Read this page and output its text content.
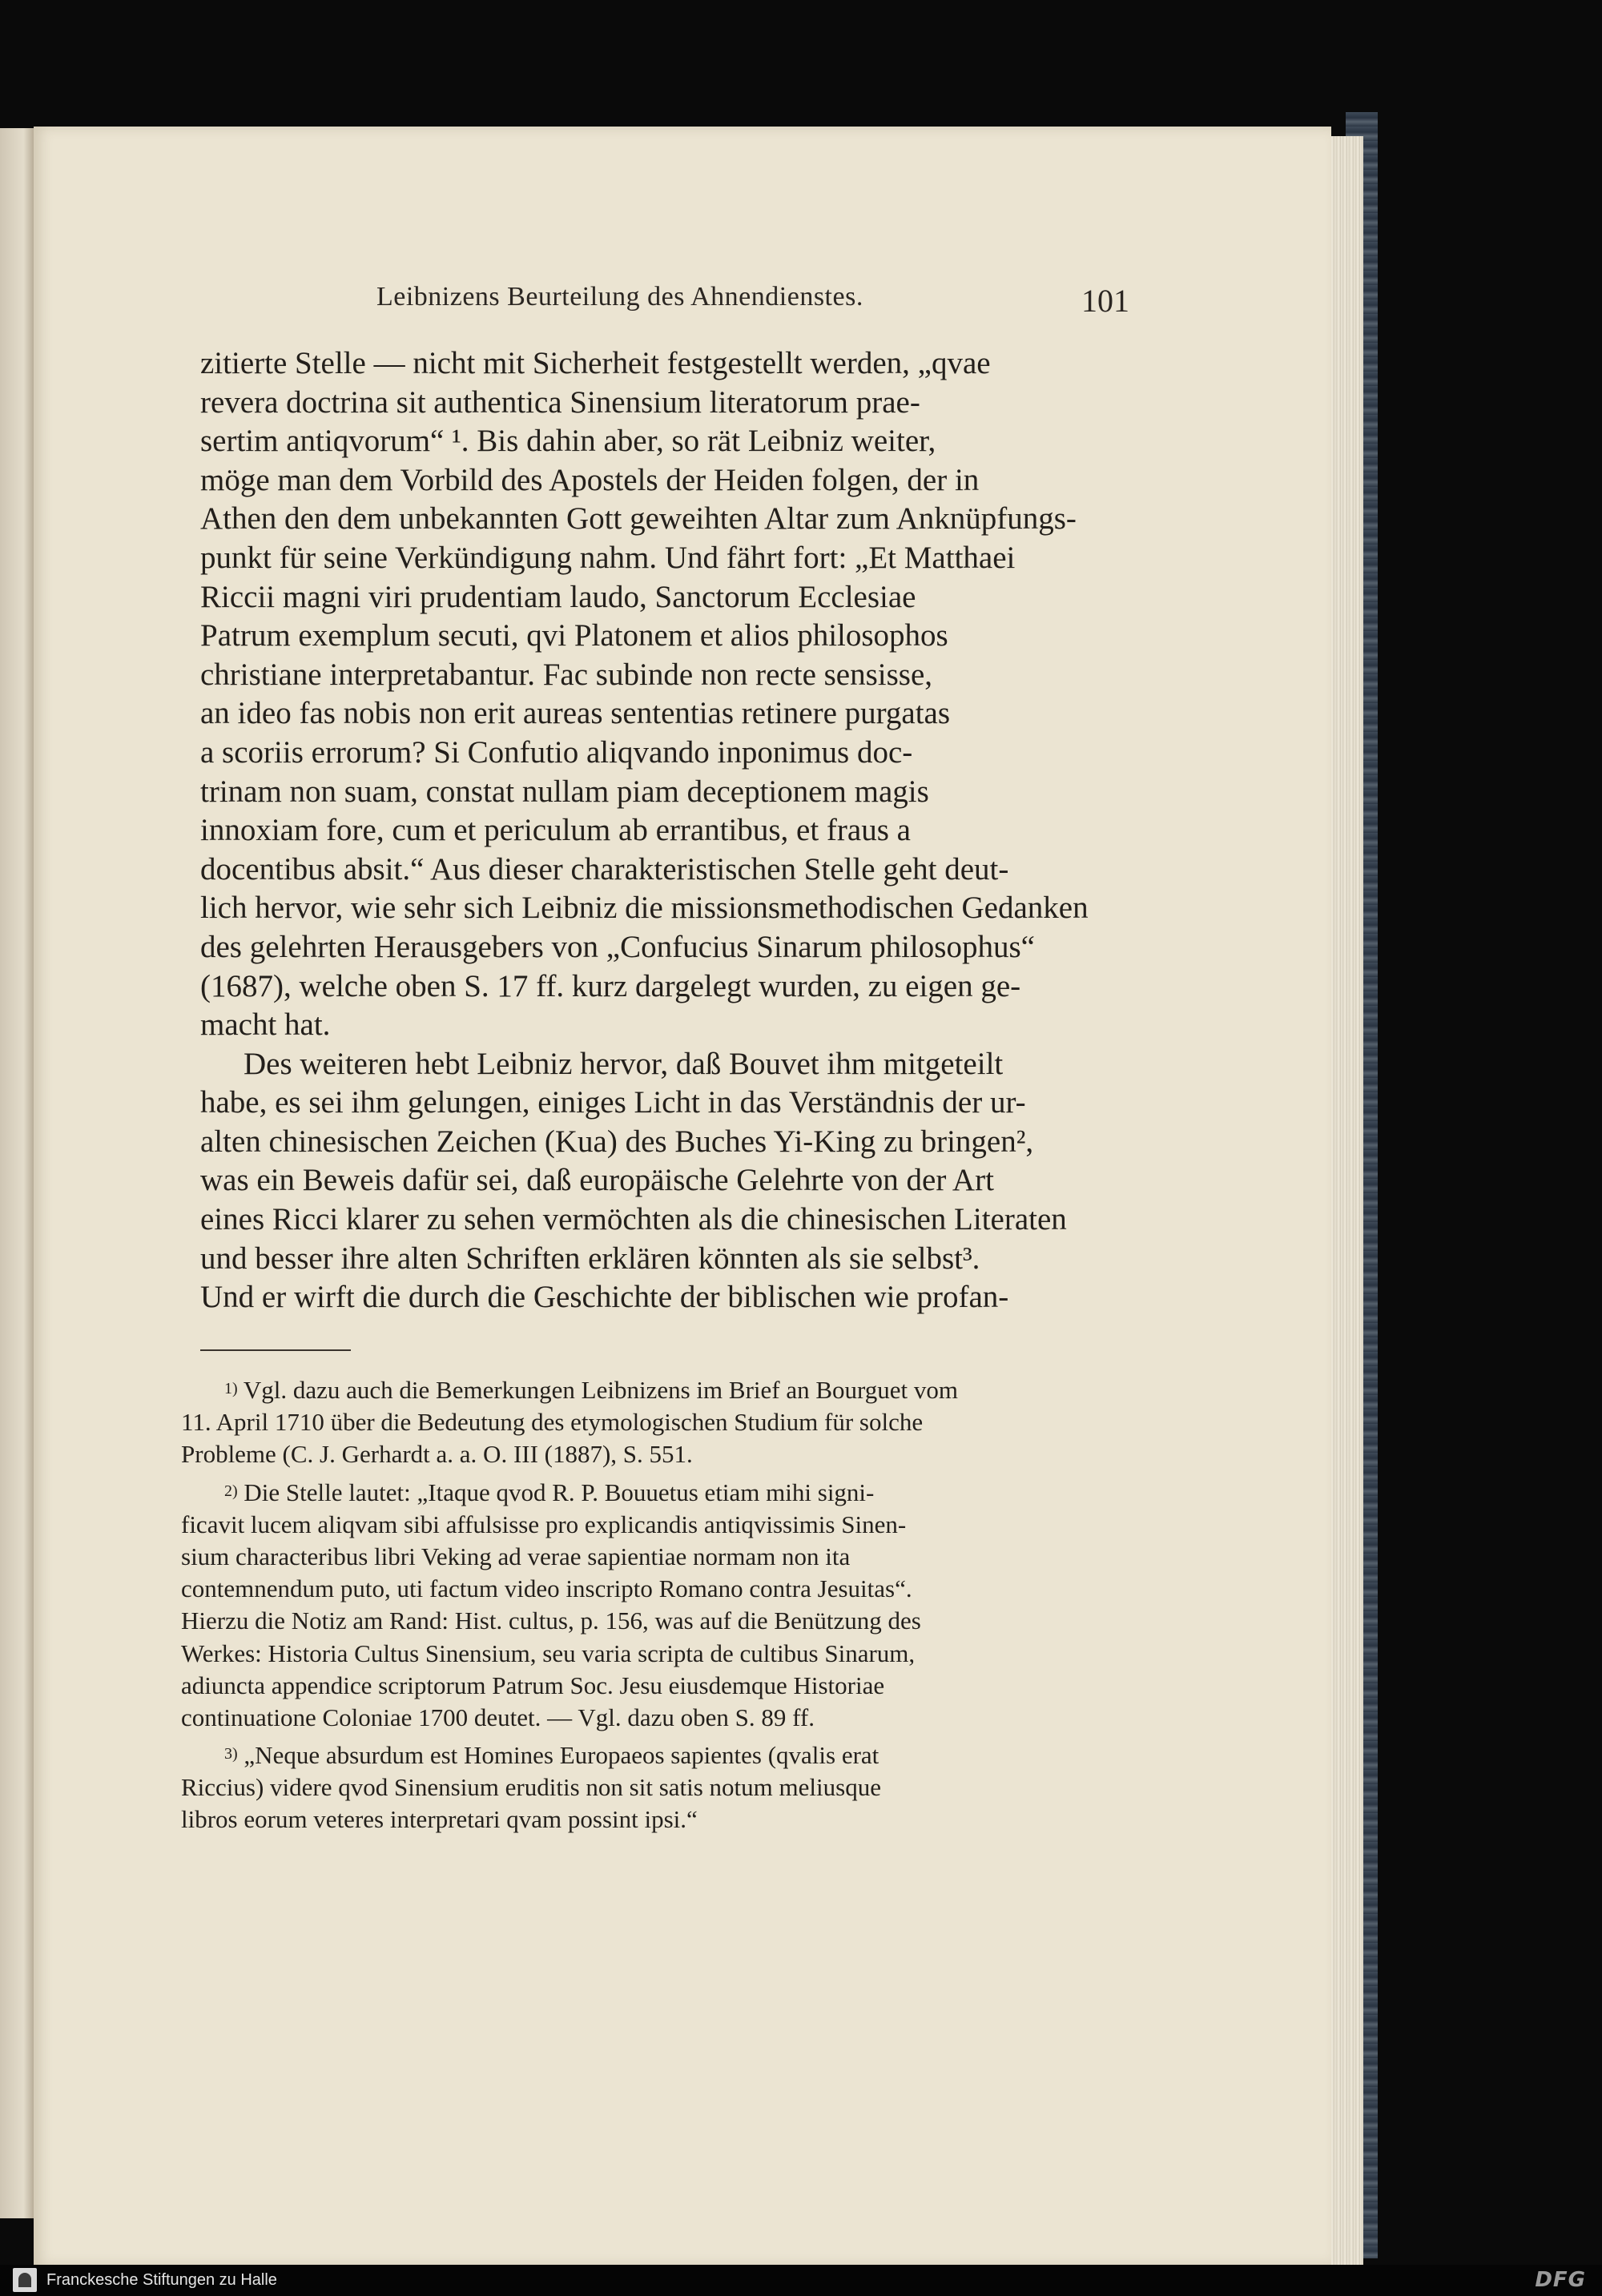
Leibnizens Beurteilung des Ahnendienstes.	101
zitierte Stelle — nicht mit Sicherheit festgestellt werden, „qvae
revera doctrina sit authentica Sinensium literatorum prae-
sertim antiqvorum“ ¹. Bis dahin aber, so rät Leibniz weiter,
möge man dem Vorbild des Apostels der Heiden folgen, der in
Athen den dem unbekannten Gott geweihten Altar zum Anknüpfungs-
punkt für seine Verkündigung nahm. Und fährt fort: „Et Matthaei
Riccii magni viri prudentiam laudo, Sanctorum Ecclesiae
Patrum exemplum secuti, qvi Platonem et alios philosophos
christiane interpretabantur. Fac subinde non recte sensisse,
an ideo fas nobis non erit aureas sententias retinere purgatas
a scoriis errorum? Si Confutio aliqvando inponimus doc-
trinam non suam, constat nullam piam deceptionem magis
innoxiam fore, cum et periculum ab errantibus, et fraus a
docentibus absit.“ Aus dieser charakteristischen Stelle geht deut-
lich hervor, wie sehr sich Leibniz die missionsmethodischen Gedanken
des gelehrten Herausgebers von „Confucius Sinarum philosophus“
(1687), welche oben S. 17 ff. kurz dargelegt wurden, zu eigen ge-
macht hat.
Des weiteren hebt Leibniz hervor, daß Bouvet ihm mitgeteilt
habe, es sei ihm gelungen, einiges Licht in das Verständnis der ur-
alten chinesischen Zeichen (Kua) des Buches Yi-King zu bringen²,
was ein Beweis dafür sei, daß europäische Gelehrte von der Art
eines Ricci klarer zu sehen vermöchten als die chinesischen Literaten
und besser ihre alten Schriften erklären könnten als sie selbst³.
Und er wirft die durch die Geschichte der biblischen wie profan-
$^{1)}$ Vgl. dazu auch die Bemerkungen Leibnizens im Brief an Bourguet vom
11. April 1710 über die Bedeutung des etymologischen Studium für solche
Probleme (C. J. Gerhardt a. a. O. III (1887), S. 551.
$^{2)}$ Die Stelle lautet: „Itaque qvod R. P. Bouuetus etiam mihi signi-
ficavit lucem aliqvam sibi affulsisse pro explicandis antiqvissimis Sinen-
sium characteribus libri Veking ad verae sapientiae normam non ita
contemnendum puto, uti factum video inscripto Romano contra Jesuitas“.
Hierzu die Notiz am Rand: Hist. cultus, p. 156, was auf die Benützung des
Werkes: Historia Cultus Sinensium, seu varia scripta de cultibus Sinarum,
adiuncta appendice scriptorum Patrum Soc. Jesu eiusdemque Historiae
continuatione Coloniae 1700 deutet. — Vgl. dazu oben S. 89 ff.
$^{3)}$ „Neque absurdum est Homines Europaeos sapientes (qvalis erat
Riccius) videre qvod Sinensium eruditis non sit satis notum meliusque
libros eorum veteres interpretari qvam possint ipsi.“
Franckesche Stiftungen zu Halle	DFG
